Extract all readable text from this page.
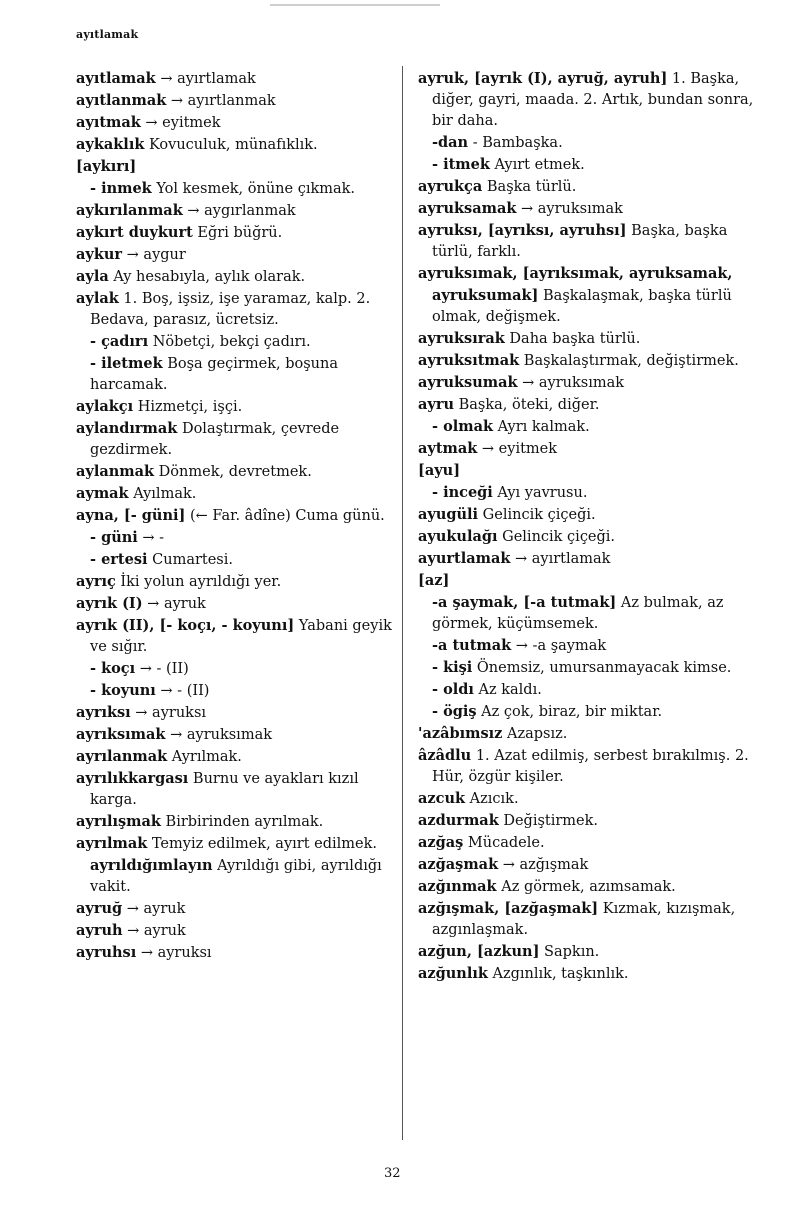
ayıtlamak

ayıtlamak → ayırtlamak

ayıtlanmak → ayırtlanmak

ayıtmak → eyitmek

aykaklık Kovuculuk, münafıklık.

[aykırı]

- inmek Yol kesmek, önüne çıkmak.

aykırılanmak → aygırlanmak

aykırt duykurt Eğri büğrü.

aykur → aygur

ayla Ay hesabıyla, aylık olarak.

aylak 1. Boş, işsiz, işe yaramaz, kalp. 2. Bedava, parasız, ücretsiz.

- çadırı Nöbetçi, bekçi çadırı.

- iletmek Boşa geçirmek, boşuna harcamak.

aylakçı Hizmetçi, işçi.

aylandırmak Dolaştırmak, çevrede gezdirmek.

aylanmak Dönmek, devretmek.

aymak Ayılmak.

ayna, [- güni] (← Far. âdîne) Cuma günü.

- güni → -

- ertesi Cumartesi.

ayrıç İki yolun ayrıldığı yer.

ayrık (I) → ayruk

ayrık (II), [- koçı, - koyunı] Yabani geyik ve sığır.

- koçı → - (II)

- koyunı → - (II)

ayrıksı → ayruksı

ayrıksımak → ayruksımak

ayrılanmak Ayrılmak.

ayrılıkkargası Burnu ve ayakları kızıl karga.

ayrılışmak Birbirinden ayrılmak.

ayrılmak Temyiz edilmek, ayırt edilmek.

ayrıldığımlayın Ayrıldığı gibi, ayrıldığı vakit.

ayruğ → ayruk

ayruh → ayruk

ayruhsı → ayruksı

ayruk, [ayrık (I), ayruğ, ayruh] 1. Başka, diğer, gayri, maada. 2. Artık, bundan sonra, bir daha.

-dan - Bambaşka.

- itmek Ayırt etmek.

ayrukça Başka türlü.

ayruksamak → ayruksımak

ayruksı, [ayrıksı, ayruhsı] Başka, başka türlü, farklı.

ayruksımak, [ayrıksımak, ayruksamak, ayruksumak] Başkalaşmak, başka türlü olmak, değişmek.

ayruksırak Daha başka türlü.

ayruksıtmak Başkalaştırmak, değiştirmek.

ayruksumak → ayruksımak

ayru Başka, öteki, diğer.

- olmak Ayrı kalmak.

aytmak → eyitmek

[ayu]

- inceği Ayı yavrusu.

ayugüli Gelincik çiçeği.

ayukulağı Gelincik çiçeği.

ayurtlamak → ayırtlamak

[az]

-a şaymak, [-a tutmak] Az bulmak, az görmek, küçümsemek.

-a tutmak → -a şaymak

- kişi Önemsiz, umursanmayacak kimse.

- oldı Az kaldı.

- ögiş Az çok, biraz, bir miktar.

'azâbımsız Azapsız.

âzâdlu 1. Azat edilmiş, serbest bırakılmış. 2. Hür, özgür kişiler.

azcuk Azıcık.

azdurmak Değiştirmek.

azğaş Mücadele.

azğaşmak → azğışmak

azğınmak Az görmek, azımsamak.

azğışmak, [azğaşmak] Kızmak, kızışmak, azgınlaşmak.

azğun, [azkun] Sapkın.

azğunlık Azgınlık, taşkınlık.

32
